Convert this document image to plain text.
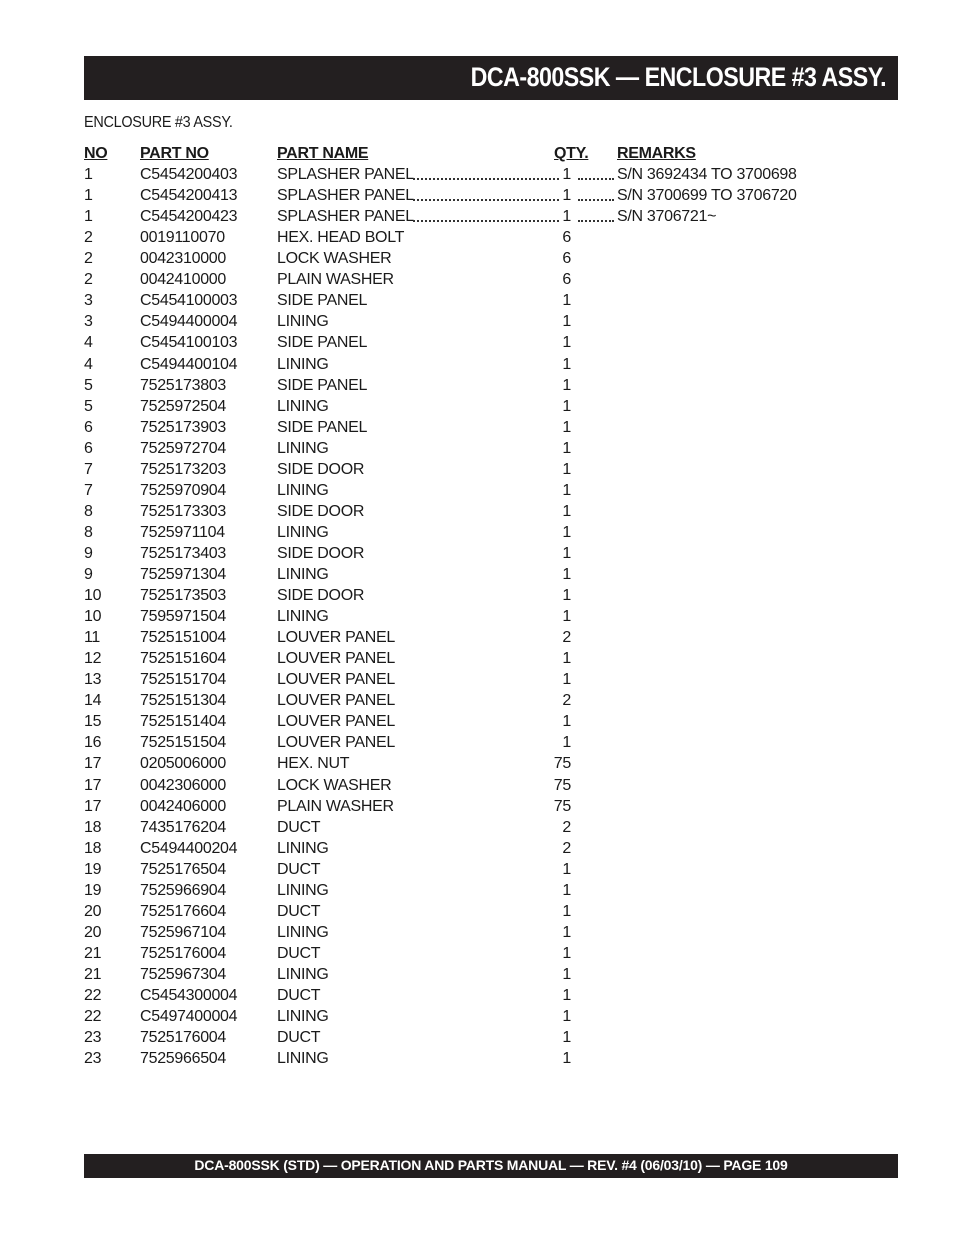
DCA-800SSK — ENCLOSURE #3 ASSY.
ENCLOSURE #3 ASSY.
NO PART NO	PART NAME	QTY. REMARKS
1	C5454200403 SPLASHER PANEL	1	S/N 3692434 TO 3700698
1	C5454200413 SPLASHER PANEL	1	S/N 3700699 TO 3706720
1	C5454200423 SPLASHER PANEL	1	S/N 3706721~
2	0019110070	HEX. HEAD BOLT	6
2	0042310000	LOCK WASHER	6
2	0042410000	PLAIN WASHER	6
3	C5454100003 SIDE PANEL	1
3	C5494400004 LINING	1
4	C5454100103 SIDE PANEL	1
4	C5494400104 LINING	1
5	7525173803	SIDE PANEL	1
5	7525972504	LINING	1
6	7525173903	SIDE PANEL	1
6	7525972704	LINING	1
7	7525173203	SIDE DOOR	1
7	7525970904	LINING	1
8	7525173303	SIDE DOOR	1
8	7525971104	LINING	1
9	7525173403	SIDE DOOR	1
9	7525971304	LINING	1
10 7525173503	SIDE DOOR	1
10 7595971504	LINING	1
11 7525151004	LOUVER PANEL	2
12 7525151604	LOUVER PANEL	1
13 7525151704	LOUVER PANEL	1
14 7525151304	LOUVER PANEL	2
15 7525151404	LOUVER PANEL	1
16 7525151504	LOUVER PANEL	1
17 0205006000	HEX. NUT	75
17 0042306000	LOCK WASHER	75
17 0042406000	PLAIN WASHER	75
18 7435176204	DUCT	2
18 C5494400204 LINING	2
19 7525176504	DUCT	1
19 7525966904	LINING	1
20 7525176604	DUCT	1
20 7525967104	LINING	1
21 7525176004	DUCT	1
21 7525967304	LINING	1
22 C5454300004 DUCT	1
22 C5497400004 LINING	1
23 7525176004	DUCT	1
23 7525966504	LINING	1
DCA-800SSK (STD) — OPERATION AND PARTS MANUAL — REV. #4 (06/03/10) — PAGE 109
